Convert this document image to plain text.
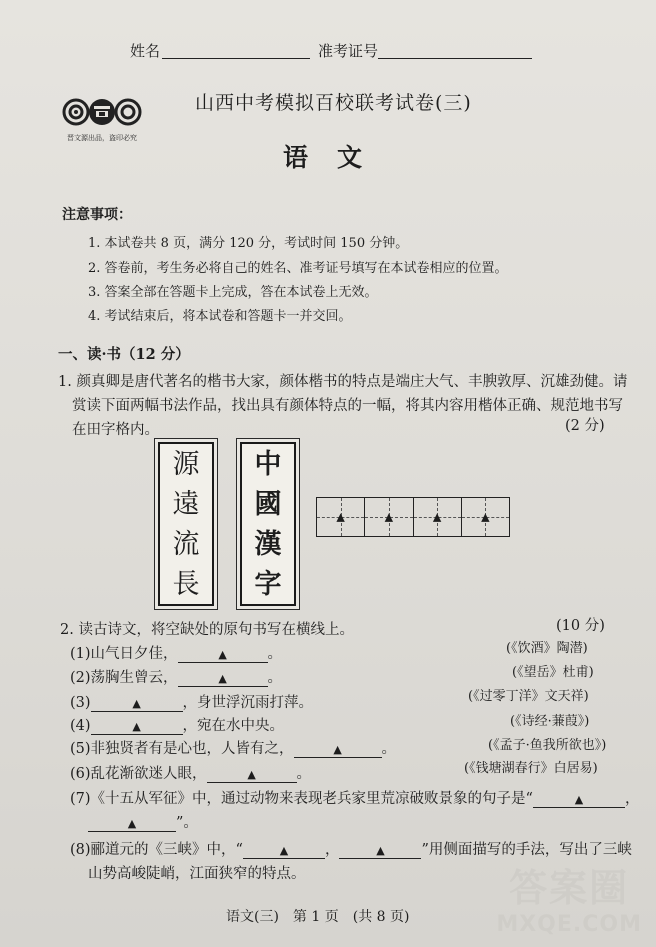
姓名	准考证号
晋文源出品，盗印必究
山西中考模拟百校联考试卷(三)
语　文
注意事项：
1. 本试卷共 8 页，满分 120 分，考试时间 150 分钟。
2. 答卷前，考生务必将自己的姓名、准考证号填写在本试卷相应的位置。
3. 答案全部在答题卡上完成，答在本试卷上无效。
4. 考试结束后，将本试卷和答题卡一并交回。
一、读·书（12 分）
1. 颜真卿是唐代著名的楷书大家，颜体楷书的特点是端庄大气、丰腴敦厚、沉雄劲健。请
赏读下面两幅书法作品，找出具有颜体特点的一幅，将其内容用楷体正确、规范地书写
在田字格内。	(2 分)
源
遠
流
長
中
國
漢
字
▲	▲	▲	▲
2. 读古诗文，将空缺处的原句书写在横线上。	(10 分)
(1)山气日夕佳，	▲	。	(《饮酒》陶潜)
(2)荡胸生曾云，	▲	。	(《望岳》杜甫)
(3)	▲	，身世浮沉雨打萍。	(《过零丁洋》文天祥)
(4)	▲	，宛在水中央。	(《诗经·蒹葭》)
(5)非独贤者有是心也，人皆有之，	▲	。	(《孟子·鱼我所欲也》)
(6)乱花渐欲迷人眼，	▲	。	(《钱塘湖春行》白居易)
(7)《十五从军征》中，通过动物来表现老兵家里荒凉破败景象的句子是“	▲	，
▲	”。
(8)郦道元的《三峡》中，“	▲	，	▲	”用侧面描写的手法，写出了三峡
山势高峻陡峭，江面狭窄的特点。
语文(三)　第 1 页　(共 8 页)
答案圈
MXQE.COM
